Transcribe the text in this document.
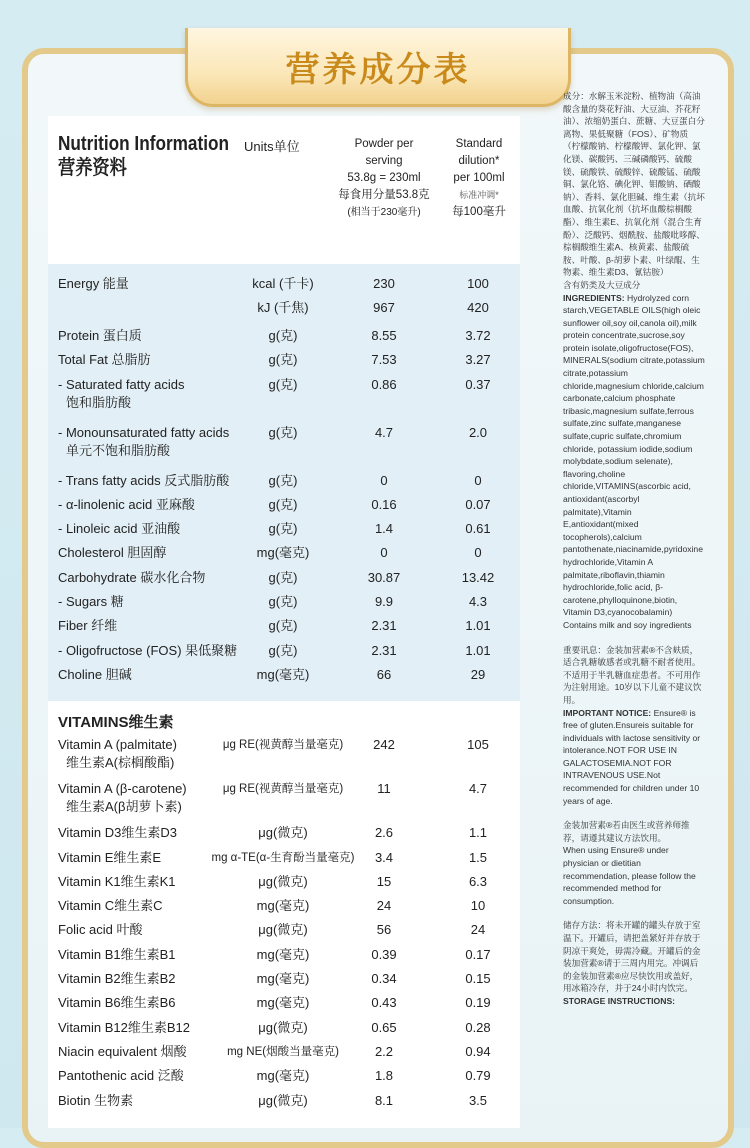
营养成分表
Nutrition Information
营养资料
Units单位	Powder per serving
53.8g = 230ml
每食用分量53.8克
(相当于230毫升)
Standard dilution*
per 100ml
标准冲调*
每100毫升
Energy 能量	kcal (千卡)	230	100
kJ (千焦)	967	420
Protein 蛋白质	g(克)	8.55	3.72
Total Fat 总脂肪	g(克)	7.53	3.27
- Saturated fatty acids	g(克)	0.86	0.37
饱和脂肪酸
- Monounsaturated fatty acids	g(克)	4.7	2.0
单元不饱和脂肪酸
- Trans fatty acids 反式脂肪酸	g(克)	0	0
- α-linolenic acid 亚麻酸	g(克)	0.16	0.07
- Linoleic acid 亚油酸	g(克)	1.4	0.61
Cholesterol 胆固醇	mg(毫克)	0	0
Carbohydrate 碳水化合物	g(克)	30.87	13.42
- Sugars 糖	g(克)	9.9	4.3
Fiber 纤维	g(克)	2.31	1.01
- Oligofructose (FOS) 果低聚糖	g(克)	2.31	1.01
Choline 胆碱	mg(毫克)	66	29
VITAMINS维生素
Vitamin A (palmitate)	μg RE(视黄醇当量毫克)	242	105
维生素A(棕榈酸酯)
Vitamin A (β-carotene)	μg RE(视黄醇当量毫克)	11	4.7
维生素A(β胡萝卜素)
Vitamin D3维生素D3	μg(微克)	2.6	1.1
Vitamin E维生素E	mg α-TE(α-生育酚当量毫克)	3.4	1.5
Vitamin K1维生素K1	μg(微克)	15	6.3
Vitamin C维生素C	mg(毫克)	24	10
Folic acid 叶酸	μg(微克)	56	24
Vitamin B1维生素B1	mg(毫克)	0.39	0.17
Vitamin B2维生素B2	mg(毫克)	0.34	0.15
Vitamin B6维生素B6	mg(毫克)	0.43	0.19
Vitamin B12维生素B12	μg(微克)	0.65	0.28
Niacin equivalent 烟酸	mg NE(烟酸当量毫克)	2.2	0.94
Pantothenic acid 泛酸	mg(毫克)	1.8	0.79
Biotin 生物素	μg(微克)	8.1	3.5

成分：水解玉米淀粉、植物油（高油酸含量的葵花籽油、大豆油、芥花籽油）、浓缩奶蛋白、蔗糖、大豆蛋白分离物、果低聚糖（FOS）、矿物质（柠檬酸钠、柠檬酸钾、氯化钾、氯化镁、碳酸钙、三碱磷酸钙、硫酸镁、硫酸铁、硫酸锌、硫酸锰、硫酸铜、氯化铬、碘化钾、钼酸钠、硒酸钠）、香料、氯化胆碱、维生素（抗坏血酸、抗氧化剂（抗坏血酸棕榈酸酯）、维生素E、抗氧化剂（混合生育酚）、泛酸钙、烟酰胺、盐酸吡哆醇、棕榈酸维生素A、核黄素、盐酸硫胺、叶酸、β-胡萝卜素、叶绿醌、生物素、维生素D3、氰钴胺）
含有奶类及大豆成分
INGREDIENTS: Hydrolyzed corn starch,VEGETABLE OILS(high oleic sunflower oil,soy oil,canola oil),milk protein concentrate,sucrose,soy protein isolate,oligofructose(FOS), MINERALS(sodium citrate,potassium citrate,potassium chloride,magnesium chloride,calcium carbonate,calcium phosphate tribasic,magnesium sulfate,ferrous sulfate,zinc sulfate,manganese sulfate,cupric sulfate,chromium chloride, potassium iodide,sodium molybdate,sodium selenate), flavoring,choline chloride,VITAMINS(ascorbic acid, antioxidant(ascorbyl palmitate),Vitamin E,antioxidant(mixed tocopherols),calcium pantothenate,niacinamide,pyridoxine hydrochloride,Vitamin A palmitate,riboflavin,thiamin hydrochloride,folic acid, β-carotene,phylloquinone,biotin, Vitamin D3,cyanocobalamin)
Contains milk and soy ingredients

重要讯息：金装加营素®不含麸质，适合乳糖敏感者或乳糖不耐者使用。不适用于半乳糖血症患者。不可用作为注射用途。10岁以下儿童不建议饮用。
IMPORTANT NOTICE: Ensure® is free of gluten.Ensureis suitable for individuals with lactose sensitivity or intolerance.NOT FOR USE IN GALACTOSEMIA.NOT FOR INTRAVENOUS USE.Not recommended for children under 10 years of age.

金装加营素®若由医生或营养师推荐，请遵其建议方法饮用。
When using Ensure® under physician or dietitian recommendation, please follow the recommended method for consumption.

储存方法：将未开罐的罐头存放于室温下。开罐后，请把盖紧好并存放于阴凉干爽处，毋需冷藏。开罐后的金装加营素®请于三周内用完。冲调后的金装加营素®应尽快饮用或盖好，用冰箱冷存，并于24小时内饮完。
STORAGE INSTRUCTIONS:
